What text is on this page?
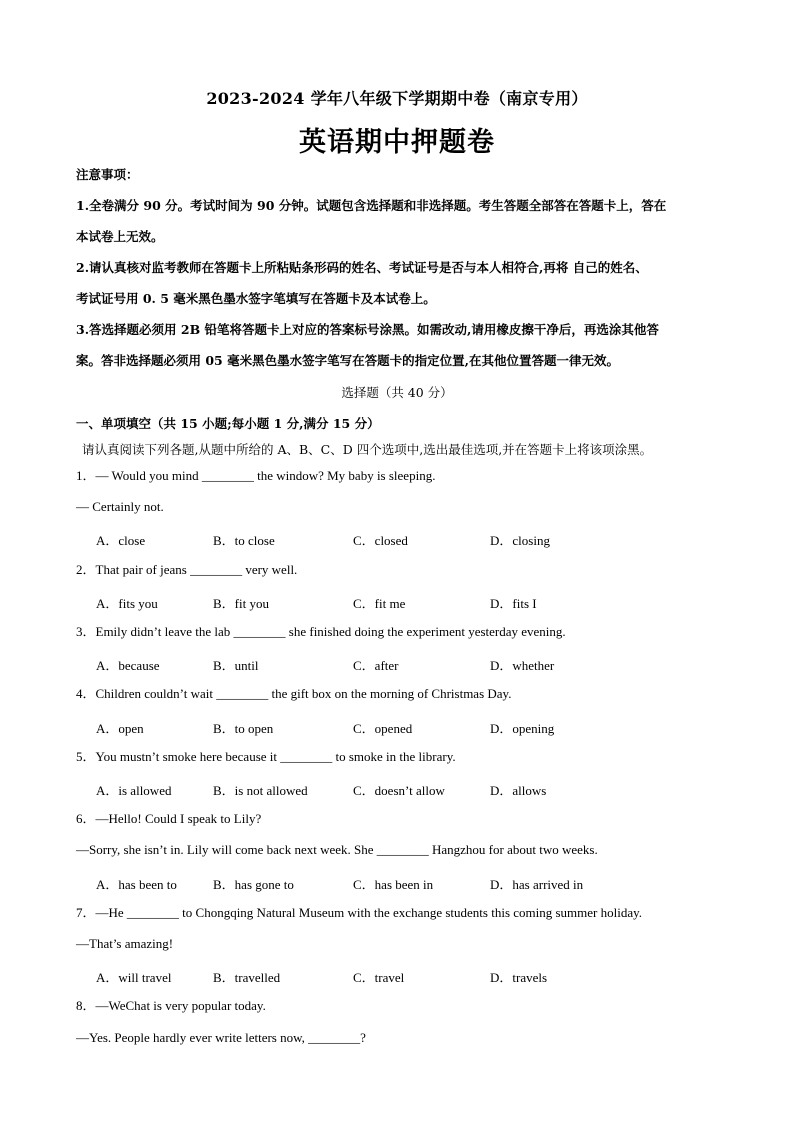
2023-2024 学年八年级下学期期中卷（南京专用）
英语期中押题卷
注意事项：
1.全卷满分 90 分。考试时间为 90 分钟。试题包含选择题和非选择题。考生答题全部答在答题卡上，答在
本试卷上无效。
2.请认真核对监考教师在答题卡上所粘贴条形码的姓名、考试证号是否与本人相符合,再将 自己的姓名、
考试证号用 0. 5 毫米黑色墨水签字笔填写在答题卡及本试卷上。
3.答选择题必须用 2B 铅笔将答题卡上对应的答案标号涂黑。如需改动,请用橡皮擦干净后，再选涂其他答
案。答非选择题必须用 05 毫米黑色墨水签字笔写在答题卡的指定位置,在其他位置答题一律无效。
选择题（共 40 分）
一、单项填空（共 15 小题;每小题 1 分,满分 15 分）
请认真阅读下列各题,从题中所给的 A、B、C、D 四个选项中,选出最佳选项,并在答题卡上将该项涂黑。
1．— Would you mind ________ the window? My baby is sleeping.
— Certainly not.
A．close	B．to close	C．closed	D．closing
2．That pair of jeans ________ very well.
A．fits you	B．fit you	C．fit me	D．fits I
3．Emily didn’t leave the lab ________ she finished doing the experiment yesterday evening.
A．because	B．until	C．after	D．whether
4．Children couldn’t wait ________ the gift box on the morning of Christmas Day.
A．open	B．to open	C．opened	D．opening
5．You mustn’t smoke here because it ________ to smoke in the library.
A．is allowed	B．is not allowed	C．doesn’t allow	D．allows
6．—Hello! Could I speak to Lily?
—Sorry, she isn’t in. Lily will come back next week. She ________ Hangzhou for about two weeks.
A．has been to	B．has gone to	C．has been in	D．has arrived in
7．—He ________ to Chongqing Natural Museum with the exchange students this coming summer holiday.
—That’s amazing!
A．will travel	B．travelled	C．travel	D．travels
8．—WeChat is very popular today.
—Yes. People hardly ever write letters now, ________?
